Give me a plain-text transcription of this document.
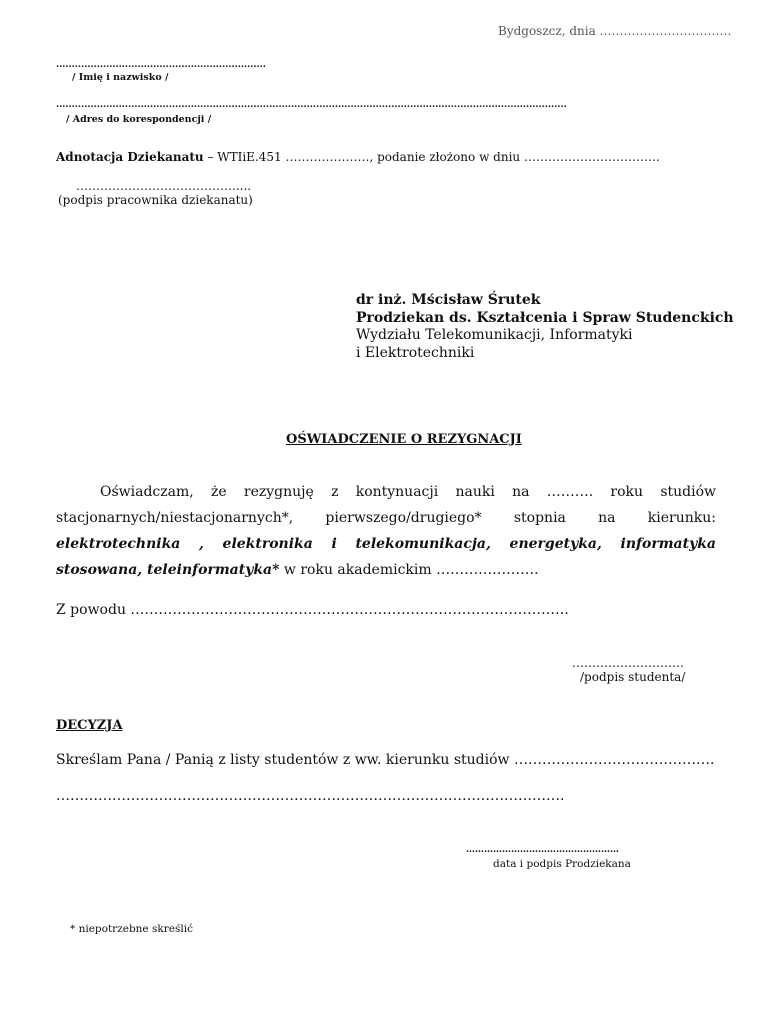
Bydgoszcz, dnia ……………………………
...................................................................
/ Imię i nazwisko /
...................................................................................................................................................................
/ Adres do korespondencji /
Adnotacja Dziekanatu – WTIiE.451 …………………, podanie złożono w dniu …………………………….
………………………………….....
(podpis pracownika dziekanatu)
dr inż. Mścisław Śrutek
Prodziekan ds. Kształcenia i Spraw Studenckich
Wydziału Telekomunikacji, Informatyki
i Elektrotechniki
OŚWIADCZENIE O REZYGNACJI
Oświadczam, że rezygnuję z kontynuacji nauki na ………. roku studiów stacjonarnych/niestacjonarnych*, pierwszego/drugiego* stopnia na kierunku: elektrotechnika , elektronika i telekomunikacja, energetyka, informatyka stosowana, teleinformatyka* w roku akademickim ………………….
Z powodu ………………………………………………………………………………….
……………………….
/podpis studenta/
DECYZJA
Skreślam Pana / Panią z listy studentów z ww. kierunku studiów …………………………………….
……………………………………………………………………………………………….
……………………………………………
data i podpis Prodziekana
* niepotrzebne skreślić
